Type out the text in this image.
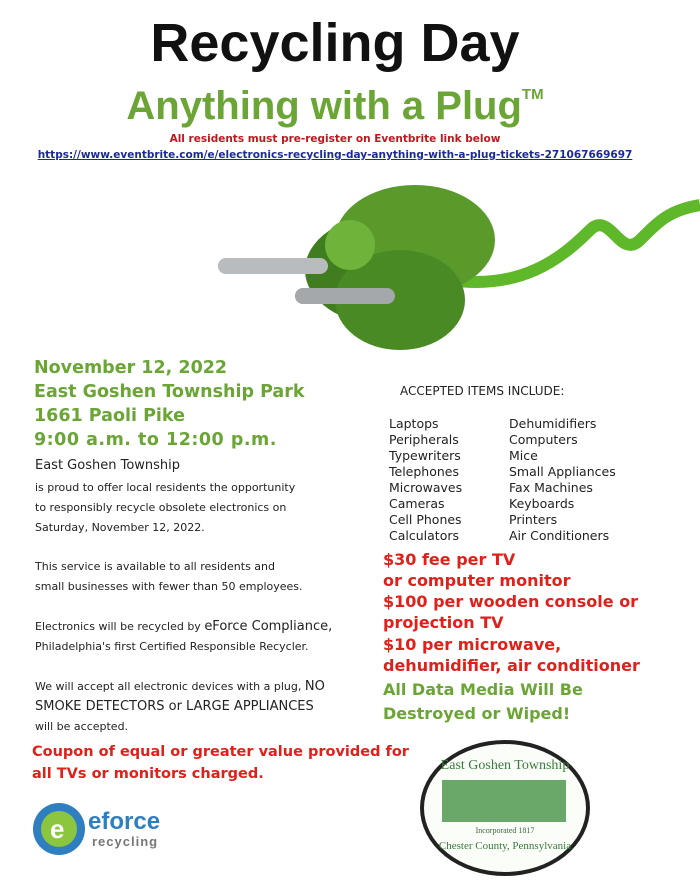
Recycling Day
Anything with a Plug™
All residents must pre-register on Eventbrite link below
https://www.eventbrite.com/e/electronics-recycling-day-anything-with-a-plug-tickets-271067669697
November 12, 2022
East Goshen Township Park
1661 Paoli Pike
9:00 a.m. to 12:00 p.m.
East Goshen Township
is proud to offer local residents the opportunity
to responsibly recycle obsolete electronics on
Saturday, November 12, 2022.
This service is available to all residents and
small businesses with fewer than 50 employees.
Electronics will be recycled by eForce Compliance,
Philadelphia's first Certified Responsible Recycler.
We will accept all electronic devices with a plug, NO
SMOKE DETECTORS or LARGE APPLIANCES
will be accepted.
ACCEPTED ITEMS INCLUDE:
Laptops
Peripherals
Typewriters
Telephones
Microwaves
Cameras
Cell Phones
Calculators
Dehumidifiers
Computers
Mice
Small Appliances
Fax Machines
Keyboards
Printers
Air Conditioners
$30 fee per TV
or computer monitor
$100 per wooden console or
projection TV
$10 per microwave,
dehumidifier, air conditioner
All Data Media Will Be
Destroyed or Wiped!
Coupon of equal or greater value provided for
all TVs or monitors charged.
e eforce
recycling
East Goshen Township
Incorporated 1817
Chester County, Pennsylvania
